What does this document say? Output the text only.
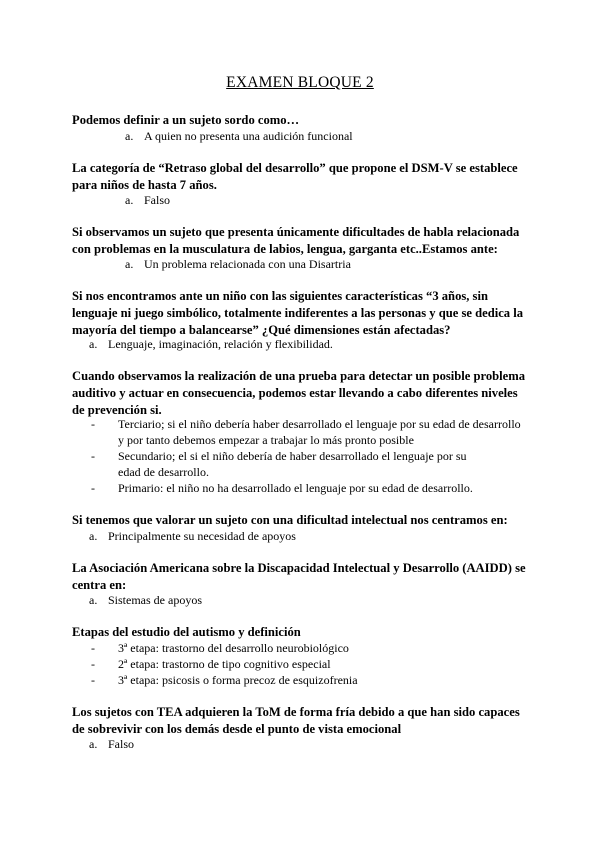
EXAMEN BLOQUE 2
Podemos definir a un sujeto sordo como…
a. A quien no presenta una audición funcional
La categoría de “Retraso global del desarrollo” que propone el DSM-V se establece para niños de hasta 7 años.
a. Falso
Si observamos un sujeto que presenta únicamente dificultades de habla relacionada con problemas en la musculatura de labios, lengua, garganta etc..Estamos ante:
a. Un problema relacionada con una Disartria
Si nos encontramos ante un niño con las siguientes características “3 años, sin lenguaje ni juego simbólico, totalmente indiferentes a las personas y que se dedica la mayoría del tiempo a balancearse” ¿Qué dimensiones están afectadas?
a. Lenguaje, imaginación, relación y flexibilidad.
Cuando observamos la realización de una prueba para detectar un posible problema auditivo y actuar en consecuencia, podemos estar llevando a cabo diferentes niveles de prevención si.
- Terciario; si el niño debería haber desarrollado el lenguaje por su edad de desarrollo y por tanto debemos empezar a trabajar lo más pronto posible
- Secundario; el si el niño debería de haber desarrollado el lenguaje por su edad de desarrollo.
- Primario: el niño no ha desarrollado el lenguaje por su edad de desarrollo.
Si tenemos que valorar un sujeto con una dificultad intelectual nos centramos en:
a. Principalmente su necesidad de apoyos
La Asociación Americana sobre la Discapacidad Intelectual y Desarrollo (AAIDD) se centra en:
a. Sistemas de apoyos
Etapas del estudio del autismo y definición
- 3ª etapa: trastorno del desarrollo neurobiológico
- 2ª etapa: trastorno de tipo cognitivo especial
- 3ª etapa: psicosis o forma precoz de esquizofrenia
Los sujetos con TEA adquieren la ToM de forma fría debido a que han sido capaces de sobrevivir con los demás desde el punto de vista emocional
a. Falso
